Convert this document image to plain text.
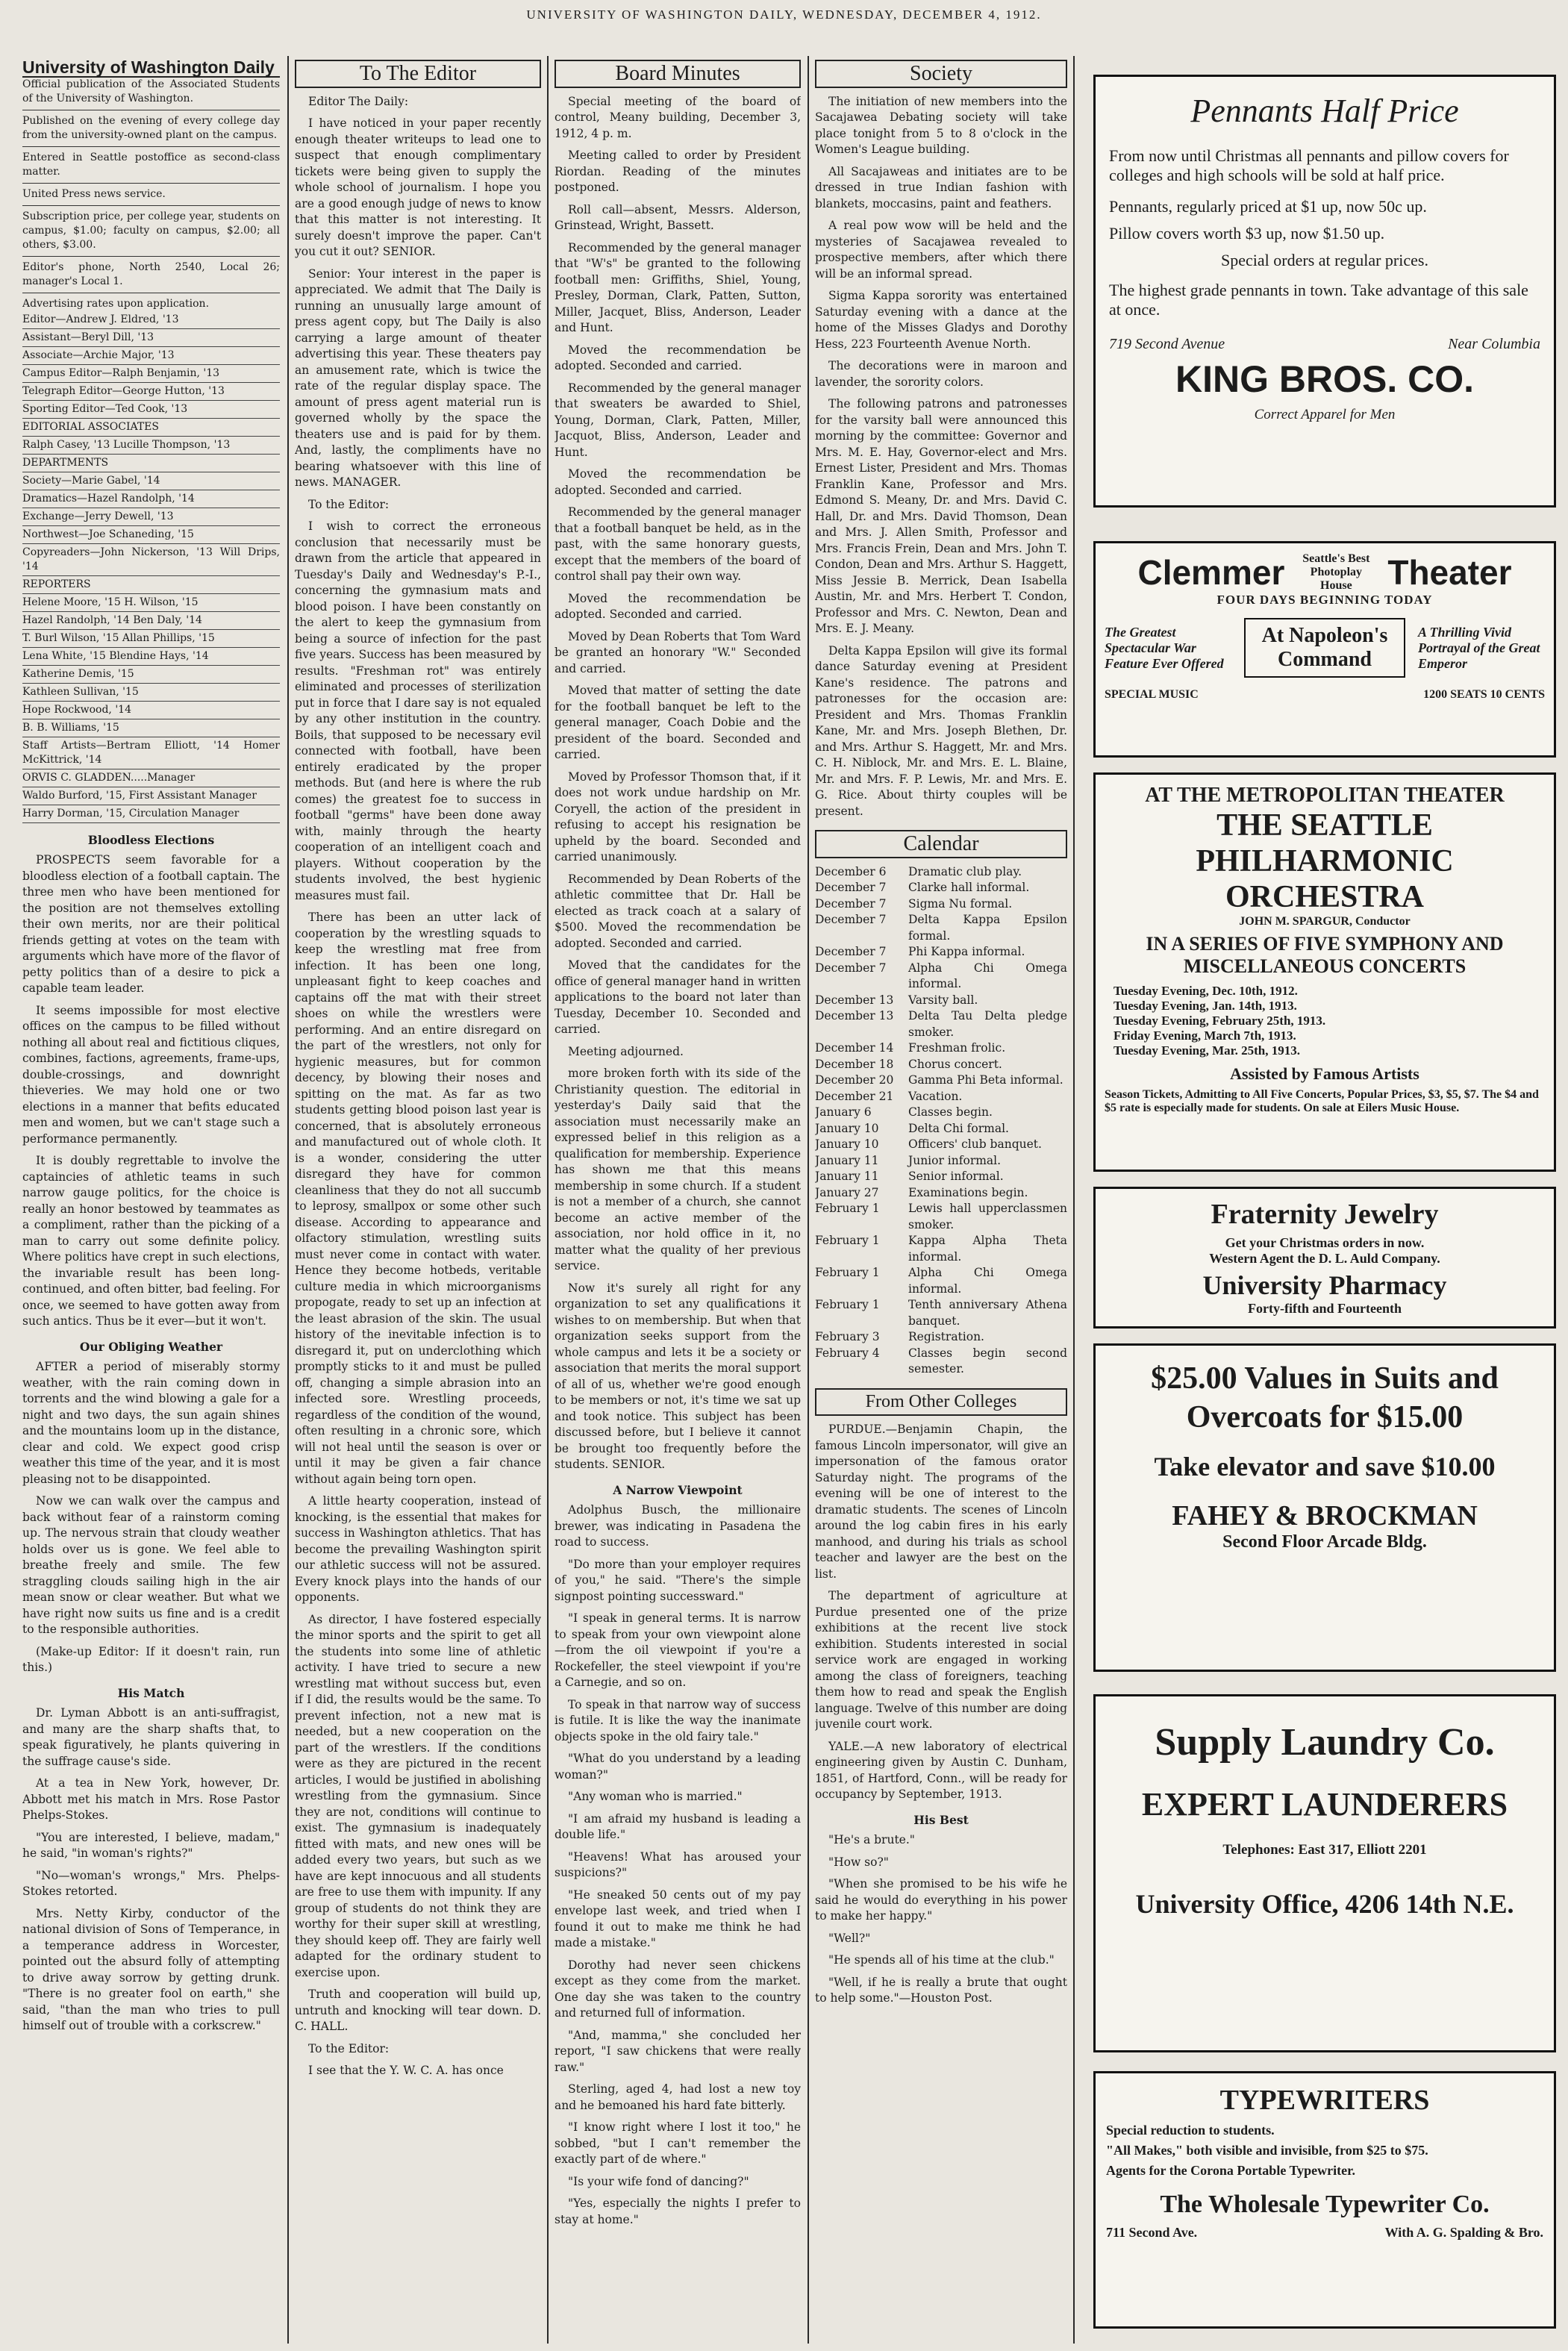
UNIVERSITY OF WASHINGTON DAILY, WEDNESDAY, DECEMBER 4, 1912.
University of Washington Daily
Official publication of the Associated Students of the University of Washington.
Published on the evening of every college day from the university-owned plant on the campus.
Entered in Seattle postoffice as second-class matter.
United Press news service.
Subscription price, per college year, students on campus, $1.00; faculty on campus, $2.00; all others, $3.00.
Editor's phone, North 2540, Local 26; manager's Local 1.
Advertising rates upon application.
Editor—Andrew J. Eldred, '13
Assistant—Beryl Dill, '13
Associate—Archie Major, '13
Campus Editor—Ralph Benjamin, '13
Telegraph Editor—George Hutton, '13
Sporting Editor—Ted Cook, '13
EDITORIAL ASSOCIATES
Ralph Casey, '13 Lucille Thompson, '13
DEPARTMENTS
Society—Marie Gabel, '14
Dramatics—Hazel Randolph, '14
Exchange—Jerry Dewell, '13
Northwest—Joe Schaneding, '15
Copyreaders—John Nickerson, '13 Will Drips, '14
REPORTERS
Helene Moore, '15 H. Wilson, '15
Hazel Randolph, '14 Ben Daly, '14
T. Burl Wilson, '15 Allan Phillips, '15
Lena White, '15 Blendine Hays, '14
Katherine Demis, '15
Kathleen Sullivan, '15
Hope Rockwood, '14
B. B. Williams, '15
Staff Artists—Bertram Elliott, '14 Homer McKittrick, '14
ORVIS C. GLADDEN.....Manager
Waldo Burford, '15, First Assistant Manager
Harry Dorman, '15, Circulation Manager
Bloodless Elections

PROSPECTS seem favorable for a bloodless election of a football captain. The three men who have been mentioned for the position are not themselves extolling their own merits, nor are their political friends getting at votes on the team with arguments which have more of the flavor of petty politics than of a desire to pick a capable team leader.

It seems impossible for most elective offices on the campus to be filled without nothing all about real and fictitious cliques, combines, factions, agreements, frame-ups, double-crossings, and downright thieveries. We may hold one or two elections in a manner that befits educated men and women, but we can't stage such a performance permanently.

It is doubly regrettable to involve the captaincies of athletic teams in such narrow gauge politics, for the choice is really an honor bestowed by teammates as a compliment, rather than the picking of a man to carry out some definite policy. Where politics have crept in such elections, the invariable result has been long-continued, and often bitter, bad feeling. For once, we seemed to have gotten away from such antics. Thus be it ever—but it won't.

Our Obliging Weather

AFTER a period of miserably stormy weather, with the rain coming down in torrents and the wind blowing a gale for a night and two days, the sun again shines and the mountains loom up in the distance, clear and cold. We expect good crisp weather this time of the year, and it is most pleasing not to be disappointed.

Now we can walk over the campus and back without fear of a rainstorm coming up. The nervous strain that cloudy weather holds over us is gone. We feel able to breathe freely and smile. The few straggling clouds sailing high in the air mean snow or clear weather. But what we have right now suits us fine and is a credit to the responsible authorities.

(Make-up Editor: If it doesn't rain, run this.)

His Match

Dr. Lyman Abbott is an anti-suffragist, and many are the sharp shafts that, to speak figuratively, he plants quivering in the suffrage cause's side.

At a tea in New York, however, Dr. Abbott met his match in Mrs. Rose Pastor Phelps-Stokes.

"You are interested, I believe, madam," he said, "in woman's rights?"

"No—woman's wrongs," Mrs. Phelps-Stokes retorted.

Mrs. Netty Kirby, conductor of the national division of Sons of Temperance, in a temperance address in Worcester, pointed out the absurd folly of attempting to drive away sorrow by getting drunk. "There is no greater fool on earth," she said, "than the man who tries to pull himself out of trouble with a corkscrew."

To The Editor

Editor The Daily:

I have noticed in your paper recently enough theater writeups to lead one to suspect that enough complimentary tickets were being given to supply the whole school of journalism. I hope you are a good enough judge of news to know that this matter is not interesting. It surely doesn't improve the paper. Can't you cut it out? SENIOR.

Senior: Your interest in the paper is appreciated. We admit that The Daily is running an unusually large amount of press agent copy, but The Daily is also carrying a large amount of theater advertising this year. These theaters pay an amusement rate, which is twice the rate of the regular display space. The amount of press agent material run is governed wholly by the space the theaters use and is paid for by them. And, lastly, the compliments have no bearing whatsoever with this line of news. MANAGER.

To the Editor:

I wish to correct the erroneous conclusion that necessarily must be drawn from the article that appeared in Tuesday's Daily and Wednesday's P.-I., concerning the gymnasium mats and blood poison. I have been constantly on the alert to keep the gymnasium from being a source of infection for the past five years. Success has been measured by results. "Freshman rot" was entirely eliminated and processes of sterilization put in force that I dare say is not equaled by any other institution in the country. Boils, that supposed to be necessary evil connected with football, have been entirely eradicated by the proper methods. But (and here is where the rub comes) the greatest foe to success in football "germs" have been done away with, mainly through the hearty cooperation of an intelligent coach and players. Without cooperation by the students involved, the best hygienic measures must fail.

There has been an utter lack of cooperation by the wrestling squads to keep the wrestling mat free from infection. It has been one long, unpleasant fight to keep coaches and captains off the mat with their street shoes on while the wrestlers were performing. And an entire disregard on the part of the wrestlers, not only for hygienic measures, but for common decency, by blowing their noses and spitting on the mat. As far as two students getting blood poison last year is concerned, that is absolutely erroneous and manufactured out of whole cloth. It is a wonder, considering the utter disregard they have for common cleanliness that they do not all succumb to leprosy, smallpox or some other such disease. According to appearance and olfactory stimulation, wrestling suits must never come in contact with water. Hence they become hotbeds, veritable culture media in which microorganisms propogate, ready to set up an infection at the least abrasion of the skin. The usual history of the inevitable infection is to disregard it, put on underclothing which promptly sticks to it and must be pulled off, changing a simple abrasion into an infected sore. Wrestling proceeds, regardless of the condition of the wound, often resulting in a chronic sore, which will not heal until the season is over or until it may be given a fair chance without again being torn open.

A little hearty cooperation, instead of knocking, is the essential that makes for success in Washington athletics. That has become the prevailing Washington spirit our athletic success will not be assured. Every knock plays into the hands of our opponents.

As director, I have fostered especially the minor sports and the spirit to get all the students into some line of athletic activity. I have tried to secure a new wrestling mat without success but, even if I did, the results would be the same. To prevent infection, not a new mat is needed, but a new cooperation on the part of the wrestlers. If the conditions were as they are pictured in the recent articles, I would be justified in abolishing wrestling from the gymnasium. Since they are not, conditions will continue to exist. The gymnasium is inadequately fitted with mats, and new ones will be added every two years, but such as we have are kept innocuous and all students are free to use them with impunity. If any group of students do not think they are worthy for their super skill at wrestling, they should keep off. They are fairly well adapted for the ordinary student to exercise upon.

Truth and cooperation will build up, untruth and knocking will tear down. D. C. HALL.

To the Editor:

I see that the Y. W. C. A. has once

Board Minutes

Special meeting of the board of control, Meany building, December 3, 1912, 4 p. m.

Meeting called to order by President Riordan. Reading of the minutes postponed.

Roll call—absent, Messrs. Alderson, Grinstead, Wright, Bassett.

Recommended by the general manager that "W's" be granted to the following football men: Griffiths, Shiel, Young, Presley, Dorman, Clark, Patten, Sutton, Miller, Jacquet, Bliss, Anderson, Leader and Hunt.

Moved the recommendation be adopted. Seconded and carried.

Recommended by the general manager that sweaters be awarded to Shiel, Young, Dorman, Clark, Patten, Miller, Jacquot, Bliss, Anderson, Leader and Hunt.

Moved the recommendation be adopted. Seconded and carried.

Recommended by the general manager that a football banquet be held, as in the past, with the same honorary guests, except that the members of the board of control shall pay their own way.

Moved the recommendation be adopted. Seconded and carried.

Moved by Dean Roberts that Tom Ward be granted an honorary "W." Seconded and carried.

Moved that matter of setting the date for the football banquet be left to the general manager, Coach Dobie and the president of the board. Seconded and carried.

Moved by Professor Thomson that, if it does not work undue hardship on Mr. Coryell, the action of the president in refusing to accept his resignation be upheld by the board. Seconded and carried unanimously.

Recommended by Dean Roberts of the athletic committee that Dr. Hall be elected as track coach at a salary of $500. Moved the recommendation be adopted. Seconded and carried.

Moved that the candidates for the office of general manager hand in written applications to the board not later than Tuesday, December 10. Seconded and carried.

Meeting adjourned.

more broken forth with its side of the Christianity question. The editorial in yesterday's Daily said that the association must necessarily make an expressed belief in this religion as a qualification for membership. Experience has shown me that this means membership in some church. If a student is not a member of a church, she cannot become an active member of the association, nor hold office in it, no matter what the quality of her previous service.

Now it's surely all right for any organization to set any qualifications it wishes to on membership. But when that organization seeks support from the whole campus and lets it be a society or association that merits the moral support of all of us, whether we're good enough to be members or not, it's time we sat up and took notice. This subject has been discussed before, but I believe it cannot be brought too frequently before the students. SENIOR.

A Narrow Viewpoint

Adolphus Busch, the millionaire brewer, was indicating in Pasadena the road to success.

"Do more than your employer requires of you," he said. "There's the simple signpost pointing successward."

"I speak in general terms. It is narrow to speak from your own viewpoint alone—from the oil viewpoint if you're a Rockefeller, the steel viewpoint if you're a Carnegie, and so on.

To speak in that narrow way of success is futile. It is like the way the inanimate objects spoke in the old fairy tale."

"What do you understand by a leading woman?"

"Any woman who is married."

"I am afraid my husband is leading a double life."

"Heavens! What has aroused your suspicions?"

"He sneaked 50 cents out of my pay envelope last week, and tried when I found it out to make me think he had made a mistake."

Dorothy had never seen chickens except as they come from the market. One day she was taken to the country and returned full of information.

"And, mamma," she concluded her report, "I saw chickens that were really raw."

Sterling, aged 4, had lost a new toy and he bemoaned his hard fate bitterly.

"I know right where I lost it too," he sobbed, "but I can't remember the exactly part of de where."

"Is your wife fond of dancing?"

"Yes, especially the nights I prefer to stay at home."

Society

The initiation of new members into the Sacajawea Debating society will take place tonight from 5 to 8 o'clock in the Women's League building.

All Sacajaweas and initiates are to be dressed in true Indian fashion with blankets, moccasins, paint and feathers.

A real pow wow will be held and the mysteries of Sacajawea revealed to prospective members, after which there will be an informal spread.

Sigma Kappa sorority was entertained Saturday evening with a dance at the home of the Misses Gladys and Dorothy Hess, 223 Fourteenth Avenue North.

The decorations were in maroon and lavender, the sorority colors.

The following patrons and patronesses for the varsity ball were announced this morning by the committee: Governor and Mrs. M. E. Hay, Governor-elect and Mrs. Ernest Lister, President and Mrs. Thomas Franklin Kane, Professor and Mrs. Edmond S. Meany, Dr. and Mrs. David C. Hall, Dr. and Mrs. David Thomson, Dean and Mrs. J. Allen Smith, Professor and Mrs. Francis Frein, Dean and Mrs. John T. Condon, Dean and Mrs. Arthur S. Haggett, Miss Jessie B. Merrick, Dean Isabella Austin, Mr. and Mrs. Herbert T. Condon, Professor and Mrs. C. Newton, Dean and Mrs. E. J. Meany.

Delta Kappa Epsilon will give its formal dance Saturday evening at President Kane's residence. The patrons and patronesses for the occasion are: President and Mrs. Thomas Franklin Kane, Mr. and Mrs. Joseph Blethen, Dr. and Mrs. Arthur S. Haggett, Mr. and Mrs. C. H. Niblock, Mr. and Mrs. E. L. Blaine, Mr. and Mrs. F. P. Lewis, Mr. and Mrs. E. G. Rice. About thirty couples will be present.

Calendar
December 6	Dramatic club play.
December 7	Clarke hall informal.
December 7	Sigma Nu formal.
December 7	Delta Kappa Epsilon formal.
December 7	Phi Kappa informal.
December 7	Alpha Chi Omega informal.
December 13	Varsity ball.
December 13	Delta Tau Delta pledge smoker.
December 14	Freshman frolic.
December 18	Chorus concert.
December 20	Gamma Phi Beta informal.
December 21	Vacation.
January 6	Classes begin.
January 10	Delta Chi formal.
January 10	Officers' club banquet.
January 11	Junior informal.
January 11	Senior informal.
January 27	Examinations begin.
February 1	Lewis hall upperclassmen smoker.
February 1	Kappa Alpha Theta informal.
February 1	Alpha Chi Omega informal.
February 1	Tenth anniversary Athena banquet.
February 3	Registration.
February 4	Classes begin second semester.
From Other Colleges

PURDUE.—Benjamin Chapin, the famous Lincoln impersonator, will give an impersonation of the famous orator Saturday night. The programs of the evening will be one of interest to the dramatic students. The scenes of Lincoln around the log cabin fires in his early manhood, and during his trials as school teacher and lawyer are the best on the list.

The department of agriculture at Purdue presented one of the prize exhibitions at the recent live stock exhibition. Students interested in social service work are engaged in working among the class of foreigners, teaching them how to read and speak the English language. Twelve of this number are doing juvenile court work.

YALE.—A new laboratory of electrical engineering given by Austin C. Dunham, 1851, of Hartford, Conn., will be ready for occupancy by September, 1913.

His Best

"He's a brute."

"How so?"

"When she promised to be his wife he said he would do everything in his power to make her happy."

"Well?"

"He spends all of his time at the club."

"Well, if he is really a brute that ought to help some."—Houston Post.

Pennants Half Price
From now until Christmas all pennants and pillow covers for colleges and high schools will be sold at half price.
Pennants, regularly priced at $1 up, now 50c up.
Pillow covers worth $3 up, now $1.50 up.
Special orders at regular prices.
The highest grade pennants in town. Take advantage of this sale at once.
719 Second Avenue	Near Columbia
KING BROS. CO.
Correct Apparel for Men
Clemmer	Seattle's Best Photoplay House	Theater
FOUR DAYS BEGINNING TODAY
The Greatest Spectacular War Feature Ever Offered
At Napoleon's Command
A Thrilling Vivid Portrayal of the Great Emperor
SPECIAL MUSIC	1200 SEATS 10 CENTS
AT THE METROPOLITAN THEATER
THE SEATTLE PHILHARMONIC ORCHESTRA
JOHN M. SPARGUR, Conductor
IN A SERIES OF FIVE SYMPHONY AND MISCELLANEOUS CONCERTS
Tuesday Evening, Dec. 10th, 1912.
Tuesday Evening, Jan. 14th, 1913.
Tuesday Evening, February 25th, 1913.
Friday Evening, March 7th, 1913.
Tuesday Evening, Mar. 25th, 1913.
Assisted by Famous Artists
Season Tickets, Admitting to All Five Concerts, Popular Prices, $3, $5, $7. The $4 and $5 rate is especially made for students. On sale at Eilers Music House.
Fraternity Jewelry
Get your Christmas orders in now.
Western Agent the D. L. Auld Company.
University Pharmacy
Forty-fifth and Fourteenth
$25.00 Values in Suits and Overcoats for $15.00
Take elevator and save $10.00
FAHEY & BROCKMAN
Second Floor Arcade Bldg.
Supply Laundry Co.
EXPERT LAUNDERERS
Telephones: East 317, Elliott 2201
University Office, 4206 14th N.E.
TYPEWRITERS
Special reduction to students.
"All Makes," both visible and invisible, from $25 to $75.
Agents for the Corona Portable Typewriter.
The Wholesale Typewriter Co.
711 Second Ave.	With A. G. Spalding & Bro.
